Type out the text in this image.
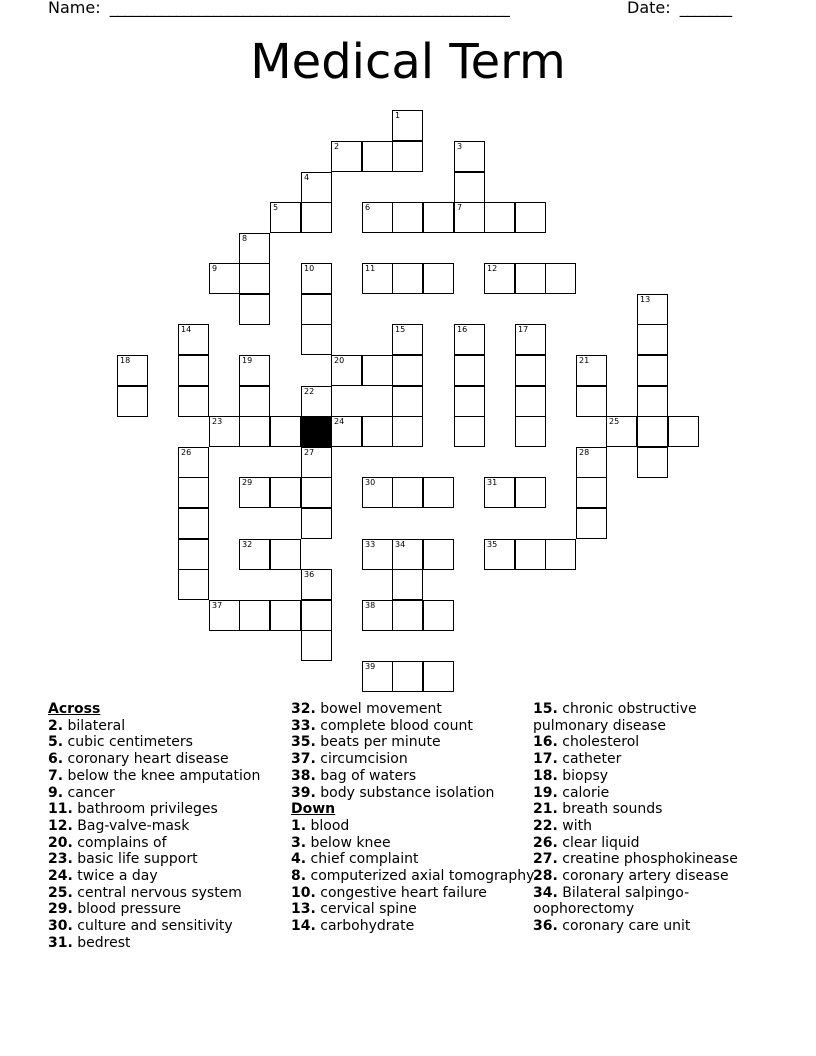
Name: ______________________________________________________	Date: _______
Medical Term
1
2	3
4
5	6	7
8
9	10	11	12
13
14	15	16	17
18	19	20	21
22
23	24	25
26	27	28
29	30	31
32	33 34	35
36
37	38
39
Across
2. bilateral
5. cubic centimeters
6. coronary heart disease
7. below the knee amputation
9. cancer
11. bathroom privileges
12. Bag-valve-mask
20. complains of
23. basic life support
24. twice a day
25. central nervous system
29. blood pressure
30. culture and sensitivity
31. bedrest
32. bowel movement
33. complete blood count
35. beats per minute
37. circumcision
38. bag of waters
39. body substance isolation
Down
1. blood
3. below knee
4. chief complaint
8. computerized axial tomography
10. congestive heart failure
13. cervical spine
14. carbohydrate
15. chronic obstructive pulmonary disease
16. cholesterol
17. catheter
18. biopsy
19. calorie
21. breath sounds
22. with
26. clear liquid
27. creatine phosphokinease
28. coronary artery disease
34. Bilateral salpingo-oophorectomy
36. coronary care unit
